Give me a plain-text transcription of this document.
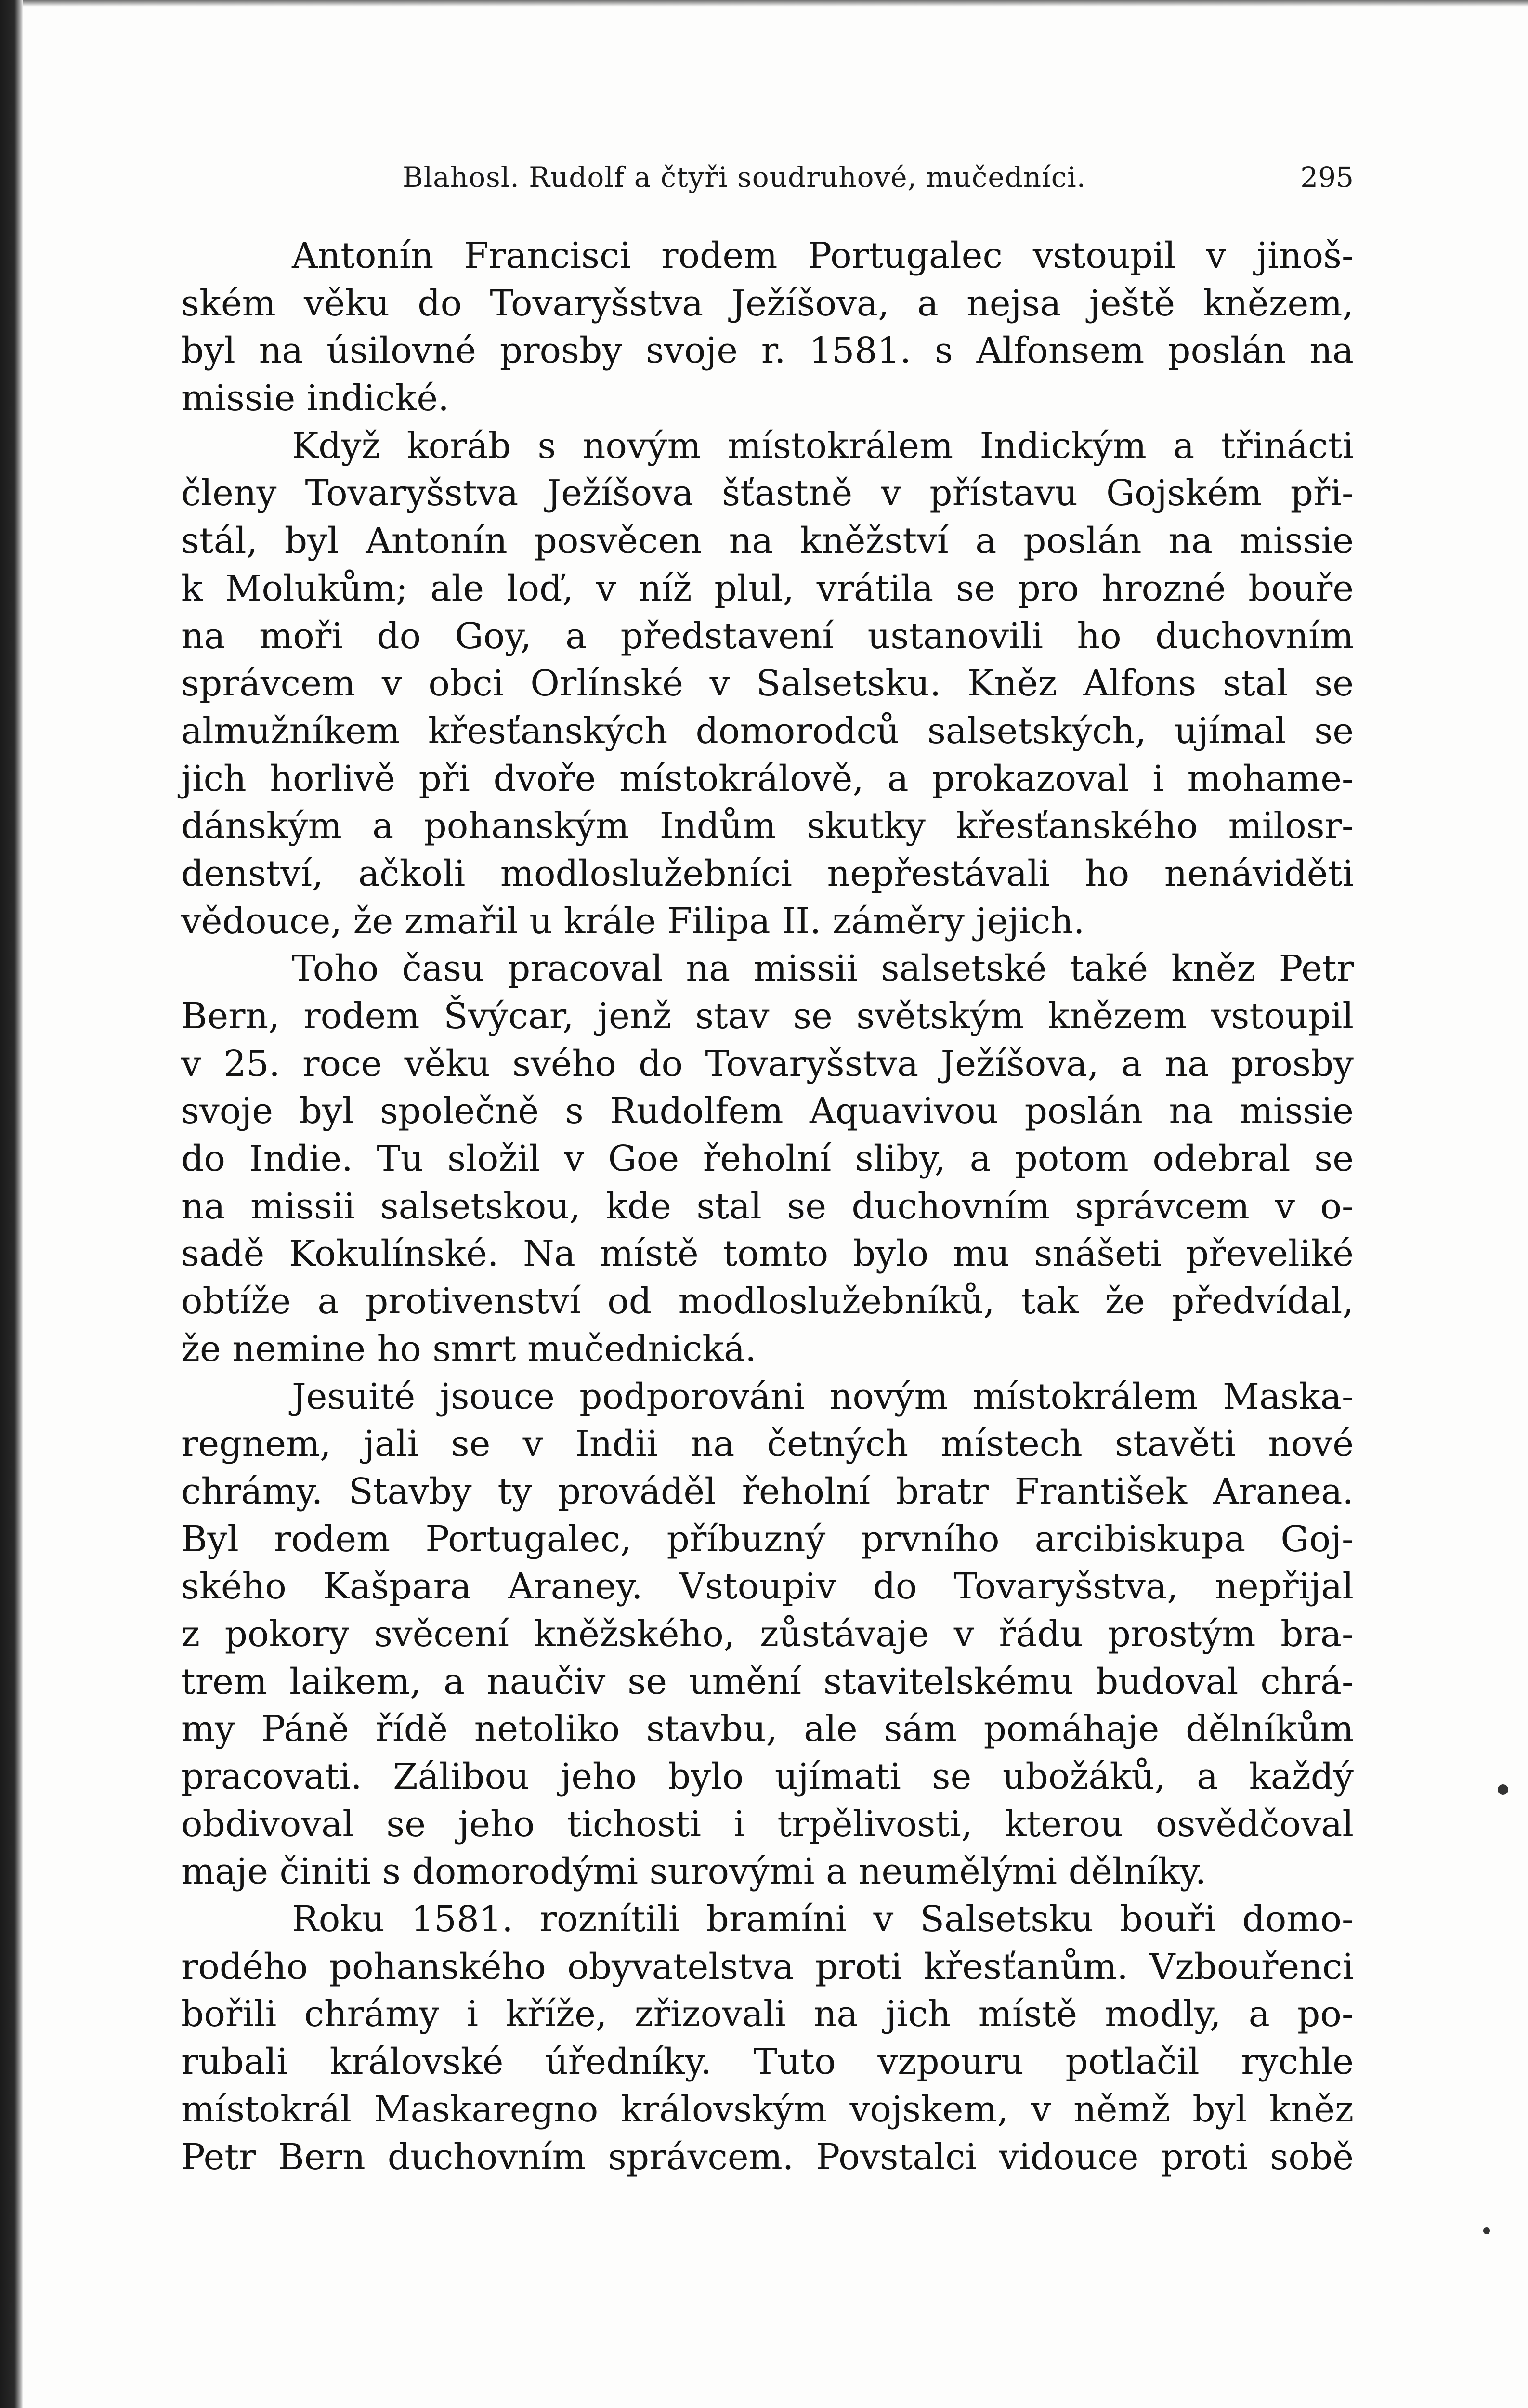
Blahosl. Rudolf a čtyři soudruhové, mučedníci.	295
Antonín Francisci rodem Portugalec vstoupil v jinoš-
ském věku do Tovaryšstva Ježíšova, a nejsa ještě knězem,
byl na úsilovné prosby svoje r. 1581. s Alfonsem poslán na
missie indické.
Když koráb s novým místokrálem Indickým a třinácti
členy Tovaryšstva Ježíšova šťastně v přístavu Gojském při-
stál, byl Antonín posvěcen na kněžství a poslán na missie
k Molukům; ale loď, v níž plul, vrátila se pro hrozné bouře
na moři do Goy, a představení ustanovili ho duchovním
správcem v obci Orlínské v Salsetsku. Kněz Alfons stal se
almužníkem křesťanských domorodců salsetských, ujímal se
jich horlivě při dvoře místokrálově, a prokazoval i mohame-
dánským a pohanským Indům skutky křesťanského milosr-
denství, ačkoli modloslužebníci nepřestávali ho nenáviděti
vědouce, že zmařil u krále Filipa II. záměry jejich.
Toho času pracoval na missii salsetské také kněz Petr
Bern, rodem Švýcar, jenž stav se světským knězem vstoupil
v 25. roce věku svého do Tovaryšstva Ježíšova, a na prosby
svoje byl společně s Rudolfem Aquavivou poslán na missie
do Indie. Tu složil v Goe řeholní sliby, a potom odebral se
na missii salsetskou, kde stal se duchovním správcem v o-
sadě Kokulínské. Na místě tomto bylo mu snášeti převeliké
obtíže a protivenství od modloslužebníků, tak že předvídal,
že nemine ho smrt mučednická.
Jesuité jsouce podporováni novým místokrálem Maska-
regnem, jali se v Indii na četných místech stavěti nové
chrámy. Stavby ty prováděl řeholní bratr František Aranea.
Byl rodem Portugalec, příbuzný prvního arcibiskupa Goj-
ského Kašpara Araney. Vstoupiv do Tovaryšstva, nepřijal
z pokory svěcení kněžského, zůstávaje v řádu prostým bra-
trem laikem, a naučiv se umění stavitelskému budoval chrá-
my Páně řídě netoliko stavbu, ale sám pomáhaje dělníkům
pracovati. Zálibou jeho bylo ujímati se ubožáků, a každý
obdivoval se jeho tichosti i trpělivosti, kterou osvědčoval
maje činiti s domorodými surovými a neumělými dělníky.
Roku 1581. roznítili bramíni v Salsetsku bouři domo-
rodého pohanského obyvatelstva proti křesťanům. Vzbouřenci
bořili chrámy i kříže, zřizovali na jich místě modly, a po-
rubali královské úředníky. Tuto vzpouru potlačil rychle
místokrál Maskaregno královským vojskem, v němž byl kněz
Petr Bern duchovním správcem. Povstalci vidouce proti sobě
